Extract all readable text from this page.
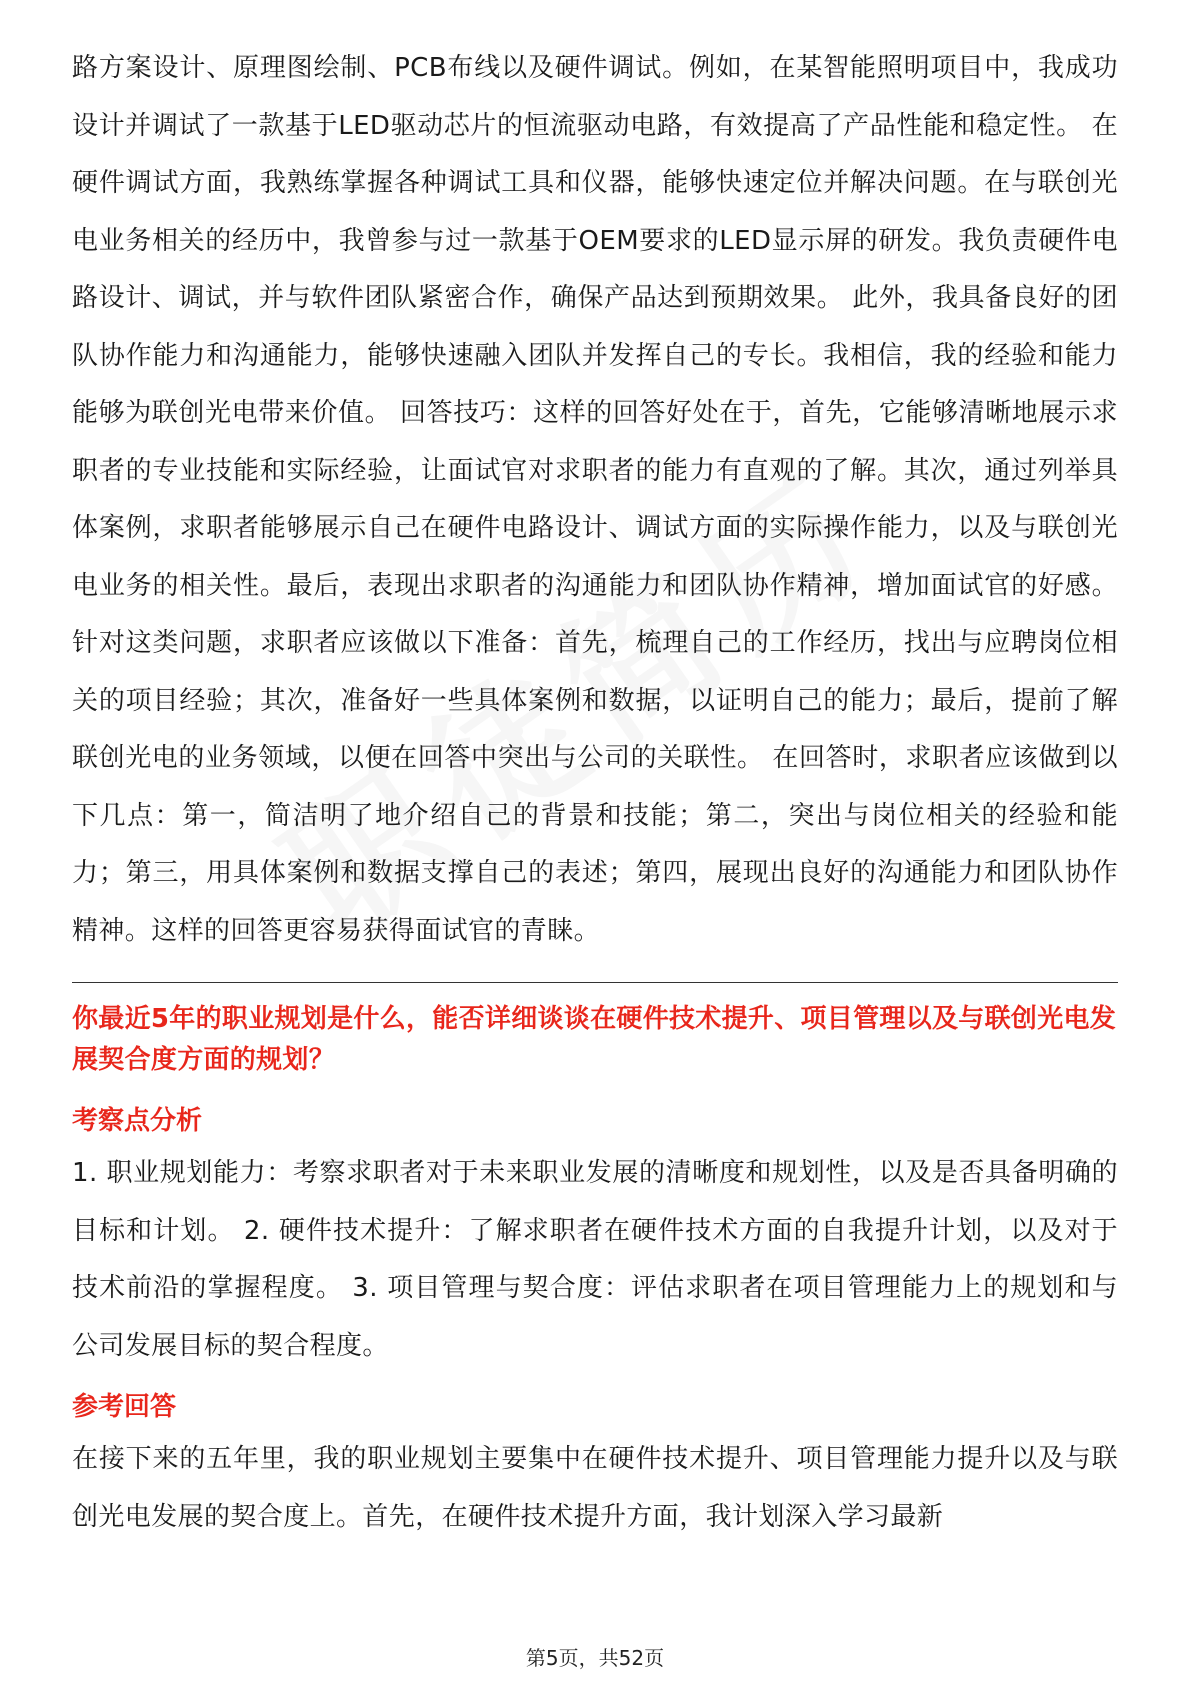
路方案设计、原理图绘制、PCB布线以及硬件调试。例如，在某智能照明项目中，我成功设计并调试了一款基于LED驱动芯片的恒流驱动电路，有效提高了产品性能和稳定性。 在硬件调试方面，我熟练掌握各种调试工具和仪器，能够快速定位并解决问题。在与联创光电业务相关的经历中，我曾参与过一款基于OEM要求的LED显示屏的研发。我负责硬件电路设计、调试，并与软件团队紧密合作，确保产品达到预期效果。 此外，我具备良好的团队协作能力和沟通能力，能够快速融入团队并发挥自己的专长。我相信，我的经验和能力能够为联创光电带来价值。 回答技巧：这样的回答好处在于，首先，它能够清晰地展示求职者的专业技能和实际经验，让面试官对求职者的能力有直观的了解。其次，通过列举具体案例，求职者能够展示自己在硬件电路设计、调试方面的实际操作能力，以及与联创光电业务的相关性。最后，表现出求职者的沟通能力和团队协作精神，增加面试官的好感。 针对这类问题，求职者应该做以下准备：首先，梳理自己的工作经历，找出与应聘岗位相关的项目经验；其次，准备好一些具体案例和数据，以证明自己的能力；最后，提前了解联创光电的业务领域，以便在回答中突出与公司的关联性。 在回答时，求职者应该做到以下几点：第一，简洁明了地介绍自己的背景和技能；第二，突出与岗位相关的经验和能力；第三，用具体案例和数据支撑自己的表述；第四，展现出良好的沟通能力和团队协作精神。这样的回答更容易获得面试官的青睐。

你最近5年的职业规划是什么，能否详细谈谈在硬件技术提升、项目管理以及与联创光电发展契合度方面的规划？

考察点分析

1. 职业规划能力：考察求职者对于未来职业发展的清晰度和规划性，以及是否具备明确的目标和计划。 2. 硬件技术提升：了解求职者在硬件技术方面的自我提升计划，以及对于技术前沿的掌握程度。 3. 项目管理与契合度：评估求职者在项目管理能力上的规划和与公司发展目标的契合程度。

参考回答

在接下来的五年里，我的职业规划主要集中在硬件技术提升、项目管理能力提升以及与联创光电发展的契合度上。首先，在硬件技术提升方面，我计划深入学习最新

第5页，共52页
